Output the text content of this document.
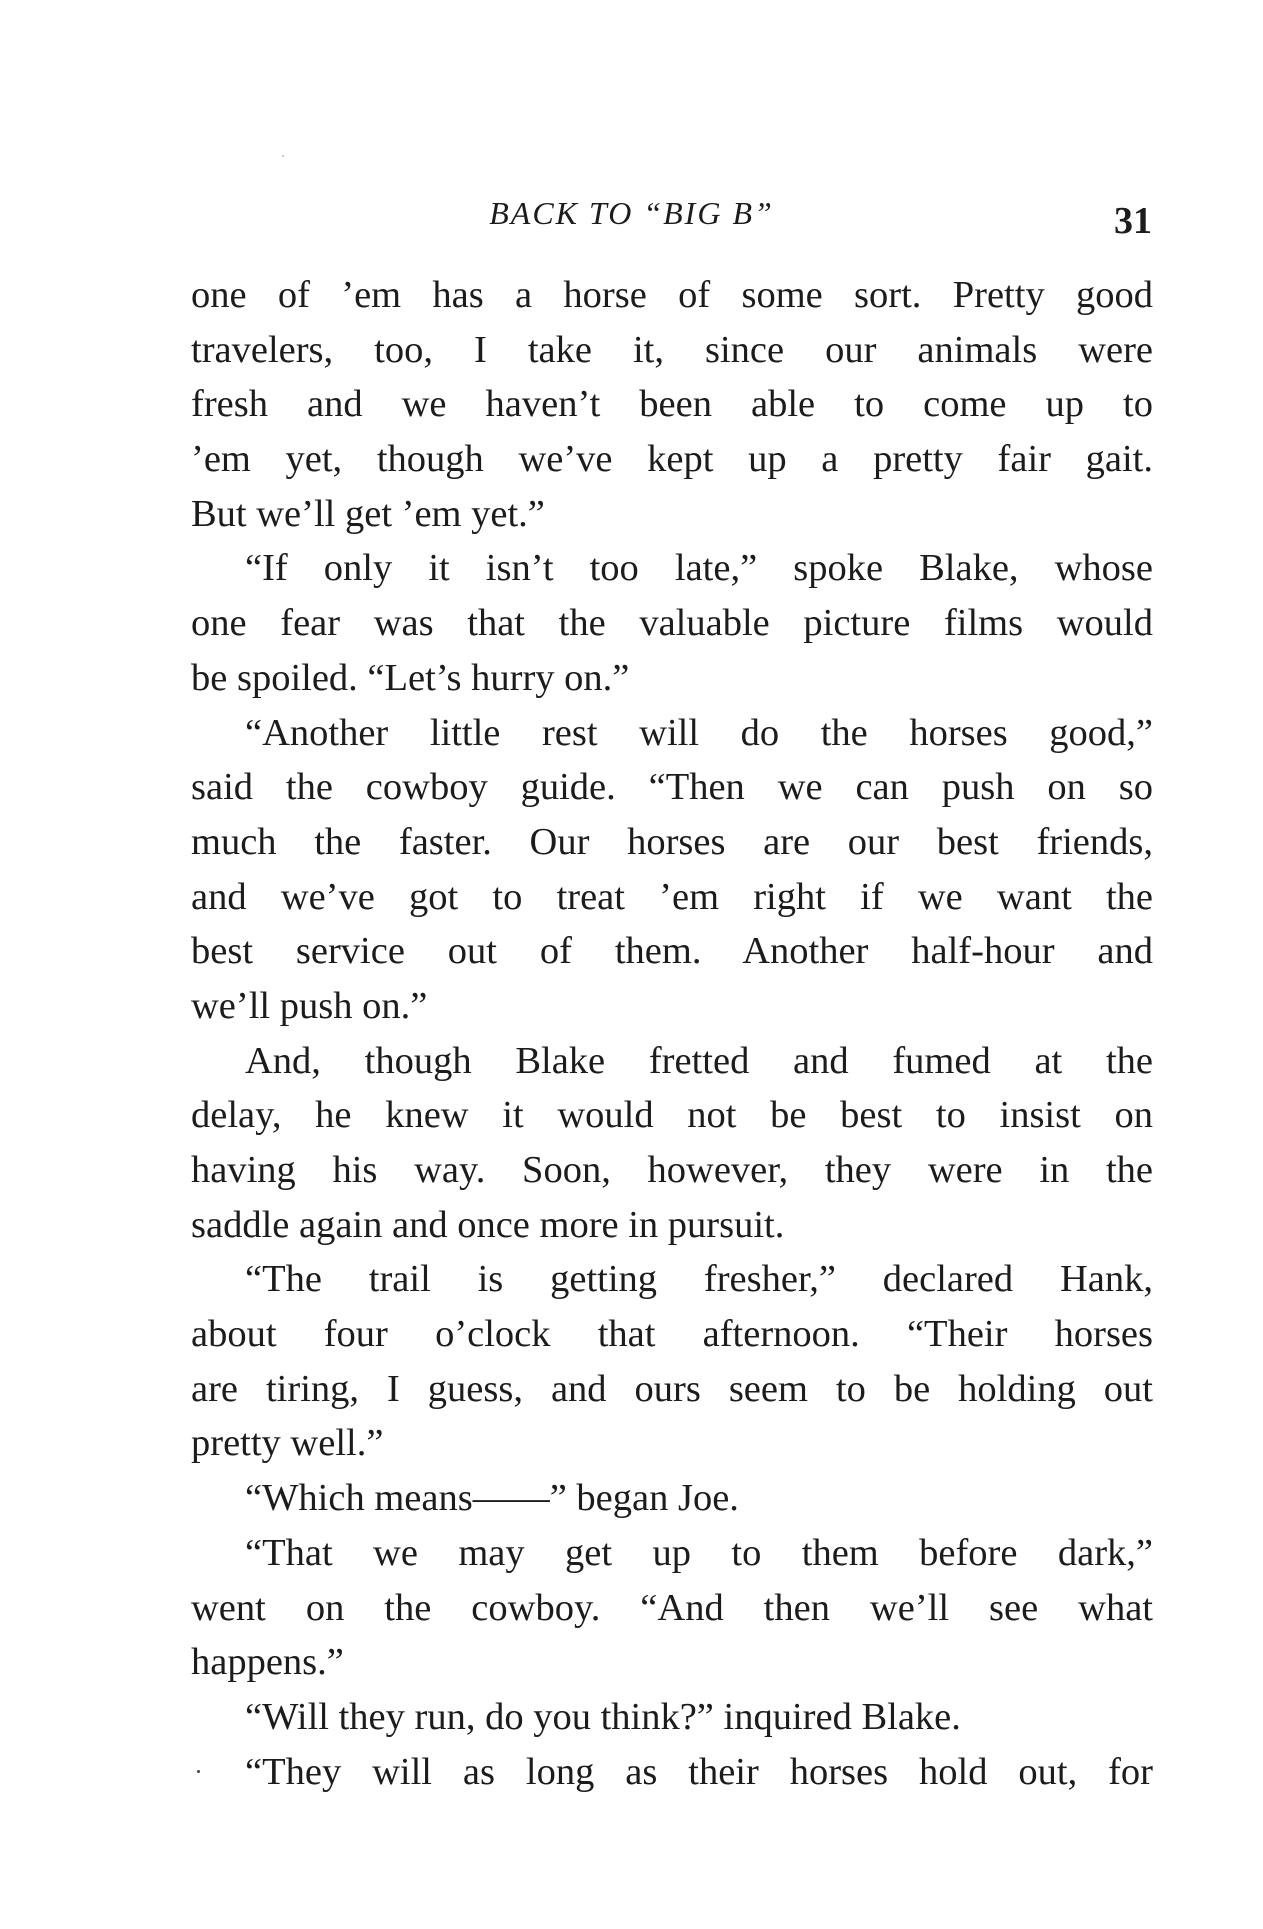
BACK TO “BIG B”	31
one of ’em has a horse of some sort. Pretty good
travelers, too, I take it, since our animals were
fresh and we haven’t been able to come up to
’em yet, though we’ve kept up a pretty fair gait.
But we’ll get ’em yet.”
“If only it isn’t too late,” spoke Blake, whose
one fear was that the valuable picture films would
be spoiled. “Let’s hurry on.”
“Another little rest will do the horses good,”
said the cowboy guide. “Then we can push on so
much the faster. Our horses are our best friends,
and we’ve got to treat ’em right if we want the
best service out of them. Another half-hour and
we’ll push on.”
And, though Blake fretted and fumed at the
delay, he knew it would not be best to insist on
having his way. Soon, however, they were in the
saddle again and once more in pursuit.
“The trail is getting fresher,” declared Hank,
about four o’clock that afternoon. “Their horses
are tiring, I guess, and ours seem to be holding out
pretty well.”
“Which means——” began Joe.
“That we may get up to them before dark,”
went on the cowboy. “And then we’ll see what
happens.”
“Will they run, do you think?” inquired Blake.
“They will as long as their horses hold out, for
